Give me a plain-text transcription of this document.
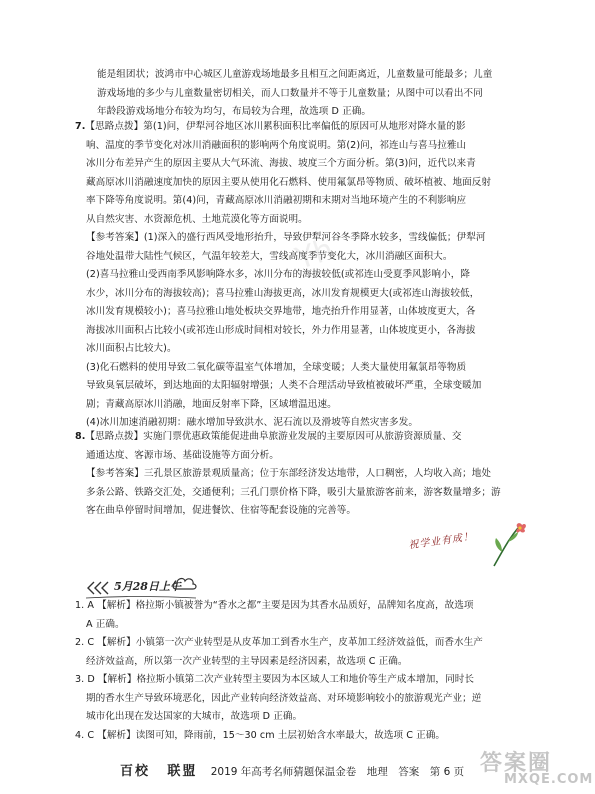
Yh

能是组团状；波鸿市中心城区儿童游戏场地最多且相互之间距离近，儿童数量可能最多；儿童

游戏场地的多少与儿童数量密切相关，而人口数量并不等于儿童数量；从图中可以看出不同

年龄段游戏场地分布较为均匀，布局较为合理，故选项 D 正确。

7.【思路点拨】第(1)问，伊犁河谷地区冰川累积面积比率偏低的原因可从地形对降水量的影

响、温度的季节变化对冰川消融面积的影响两个角度说明。第(2)问，祁连山与喜马拉雅山

冰川分布差异产生的原因主要从大气环流、海拔、坡度三个方面分析。第(3)问，近代以来青

藏高原冰川消融速度加快的原因主要从使用化石燃料、使用氟氯昂等物质、破坏植被、地面反射

率下降等角度说明。第(4)问，青藏高原冰川消融初期和末期对当地环境产生的不利影响应

从自然灾害、水资源危机、土地荒漠化等方面说明。

【参考答案】(1)深入的盛行西风受地形抬升，导致伊犁河谷冬季降水较多，雪线偏低；伊犁河

谷地处温带大陆性气候区，气温年较差大，雪线高度季节变化大，冰川消融区面积大。

(2)喜马拉雅山受西南季风影响降水多，冰川分布的海拔较低(或祁连山受夏季风影响小，降

水少，冰川分布的海拔较高)；喜马拉雅山海拔更高，冰川发育规模更大(或祁连山海拔较低，

冰川发育规模较小)；喜马拉雅山地处板块交界地带，地壳抬升作用显著，山体坡度更大，各

海拔冰川面积占比较小(或祁连山形成时间相对较长，外力作用显著，山体坡度更小，各海拔

冰川面积占比较大)。

(3)化石燃料的使用导致二氧化碳等温室气体增加，全球变暖；人类大量使用氟氯昂等物质

导致臭氧层破坏，到达地面的太阳辐射增强；人类不合理活动导致植被破坏严重，全球变暖加

剧；青藏高原冰川消融，地面反射率下降，区域增温迅速。

(4)冰川加速消融初期：融水增加导致洪水、泥石流以及滑坡等自然灾害多发。

8.【思路点拨】实施门票优惠政策能促进曲阜旅游业发展的主要原因可从旅游资源质量、交

通通达度、客源市场、基础设施等方面分析。

【参考答案】三孔景区旅游景观质量高；位于东部经济发达地带，人口稠密，人均收入高；地处

多条公路、铁路交汇处，交通便利；三孔门票价格下降，吸引大量旅游客前来，游客数量增多；游

客在曲阜停留时间增加，促进餐饮、住宿等配套设施的完善等。

祝学业有成！
5月28日上午

1. A 【解析】格拉斯小镇被誉为“香水之都”主要是因为其香水品质好，品牌知名度高，故选项

A 正确。

2. C 【解析】小镇第一次产业转型是从皮革加工到香水生产，皮革加工经济效益低，而香水生产

经济效益高，所以第一次产业转型的主导因素是经济因素，故选项 C 正确。

3. D 【解析】格拉斯小镇第二次产业转型主要因为本区域人工和地价等生产成本增加，同时长

期的香水生产导致环境恶化，因此产业转向经济效益高、对环境影响较小的旅游观光产业；逆

城市化出现在发达国家的大城市，故选项 D 正确。

4. C 【解析】读图可知，降雨前，15～30 cm 土层初始含水率最大，故选项 C 正确。

百校 联盟 2019 年高考名师猜题保温金卷　地理　答案　第 6 页 答案圈
MXQE.COM
